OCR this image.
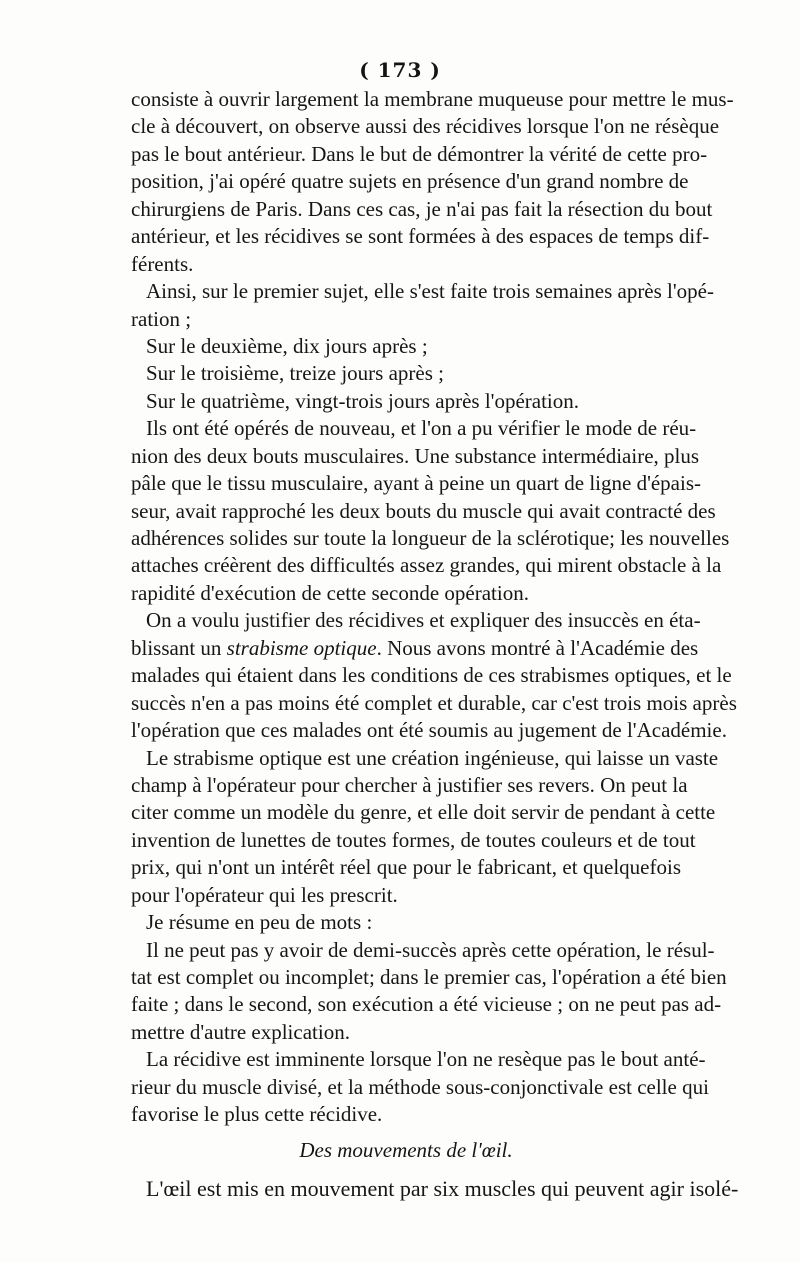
( 173 )
consiste à ouvrir largement la membrane muqueuse pour mettre le mus-
cle à découvert, on observe aussi des récidives lorsque l'on ne résèque
pas le bout antérieur. Dans le but de démontrer la vérité de cette pro-
position, j'ai opéré quatre sujets en présence d'un grand nombre de
chirurgiens de Paris. Dans ces cas, je n'ai pas fait la résection du bout
antérieur, et les récidives se sont formées à des espaces de temps dif-
férents.
Ainsi, sur le premier sujet, elle s'est faite trois semaines après l'opé-
ration ;
Sur le deuxième, dix jours après ;
Sur le troisième, treize jours après ;
Sur le quatrième, vingt-trois jours après l'opération.
Ils ont été opérés de nouveau, et l'on a pu vérifier le mode de réu-
nion des deux bouts musculaires. Une substance intermédiaire, plus
pâle que le tissu musculaire, ayant à peine un quart de ligne d'épais-
seur, avait rapproché les deux bouts du muscle qui avait contracté des
adhérences solides sur toute la longueur de la sclérotique; les nouvelles
attaches créèrent des difficultés assez grandes, qui mirent obstacle à la
rapidité d'exécution de cette seconde opération.
On a voulu justifier des récidives et expliquer des insuccès en éta-
blissant un strabisme optique. Nous avons montré à l'Académie des
malades qui étaient dans les conditions de ces strabismes optiques, et le
succès n'en a pas moins été complet et durable, car c'est trois mois après
l'opération que ces malades ont été soumis au jugement de l'Académie.
Le strabisme optique est une création ingénieuse, qui laisse un vaste
champ à l'opérateur pour chercher à justifier ses revers. On peut la
citer comme un modèle du genre, et elle doit servir de pendant à cette
invention de lunettes de toutes formes, de toutes couleurs et de tout
prix, qui n'ont un intérêt réel que pour le fabricant, et quelquefois
pour l'opérateur qui les prescrit.
Je résume en peu de mots :
Il ne peut pas y avoir de demi-succès après cette opération, le résul-
tat est complet ou incomplet; dans le premier cas, l'opération a été bien
faite ; dans le second, son exécution a été vicieuse ; on ne peut pas ad-
mettre d'autre explication.
La récidive est imminente lorsque l'on ne resèque pas le bout anté-
rieur du muscle divisé, et la méthode sous-conjonctivale est celle qui
favorise le plus cette récidive.
Des mouvements de l'œil.
L'œil est mis en mouvement par six muscles qui peuvent agir isolé-
